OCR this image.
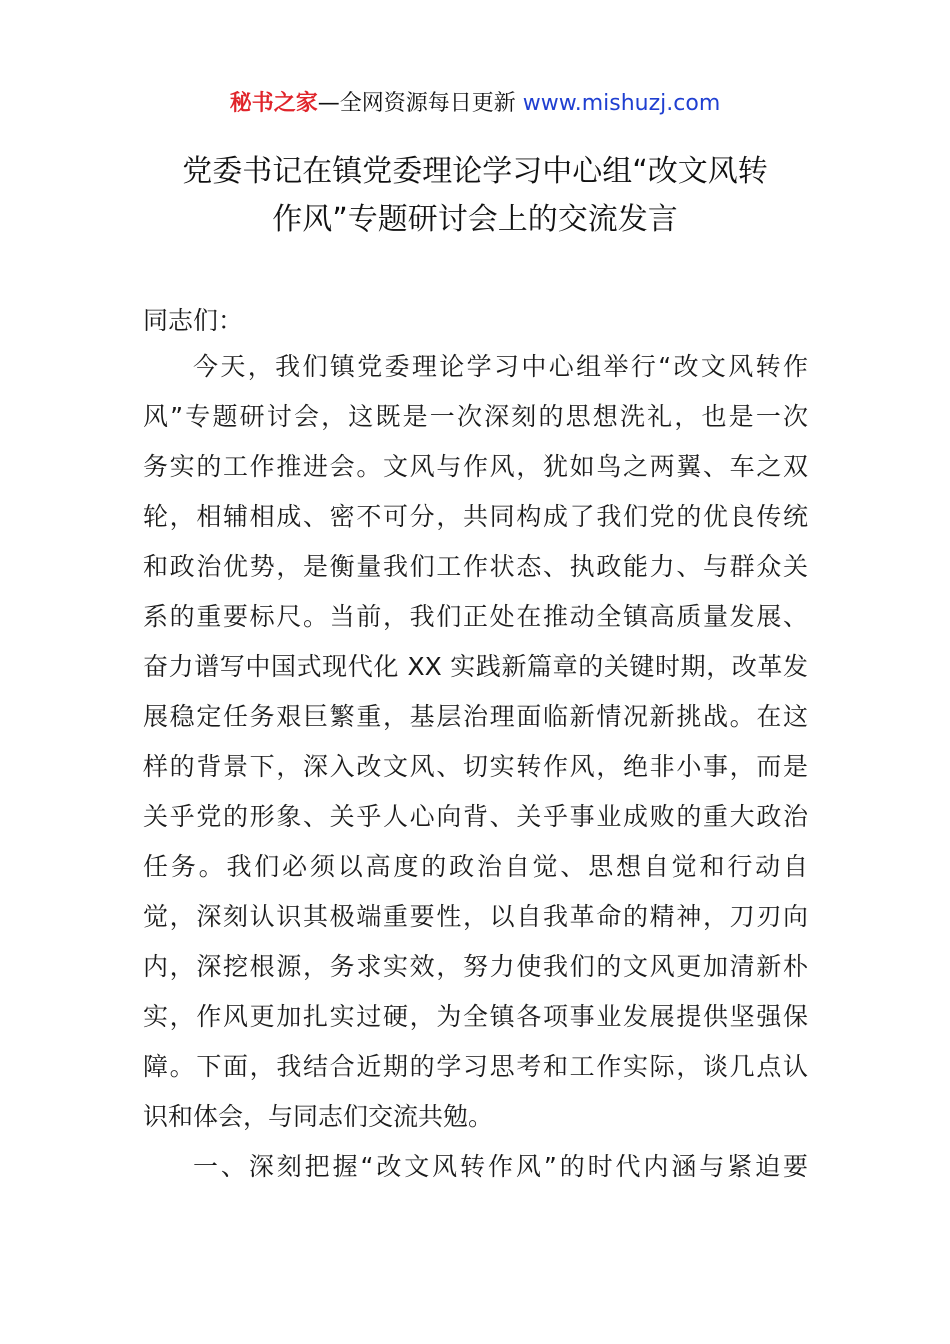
秘书之家—全网资源每日更新 www.mishuzj.com
党委书记在镇党委理论学习中心组“改文风转
作风”专题研讨会上的交流发言
同志们：
今天，我们镇党委理论学习中心组举行“改文风转作
风”专题研讨会，这既是一次深刻的思想洗礼，也是一次
务实的工作推进会。文风与作风，犹如鸟之两翼、车之双
轮，相辅相成、密不可分，共同构成了我们党的优良传统
和政治优势，是衡量我们工作状态、执政能力、与群众关
系的重要标尺。当前，我们正处在推动全镇高质量发展、
奋力谱写中国式现代化 XX 实践新篇章的关键时期，改革发
展稳定任务艰巨繁重，基层治理面临新情况新挑战。在这
样的背景下，深入改文风、切实转作风，绝非小事，而是
关乎党的形象、关乎人心向背、关乎事业成败的重大政治
任务。我们必须以高度的政治自觉、思想自觉和行动自
觉，深刻认识其极端重要性，以自我革命的精神，刀刃向
内，深挖根源，务求实效，努力使我们的文风更加清新朴
实，作风更加扎实过硬，为全镇各项事业发展提供坚强保
障。下面，我结合近期的学习思考和工作实际，谈几点认
识和体会，与同志们交流共勉。
一、深刻把握“改文风转作风”的时代内涵与紧迫要
